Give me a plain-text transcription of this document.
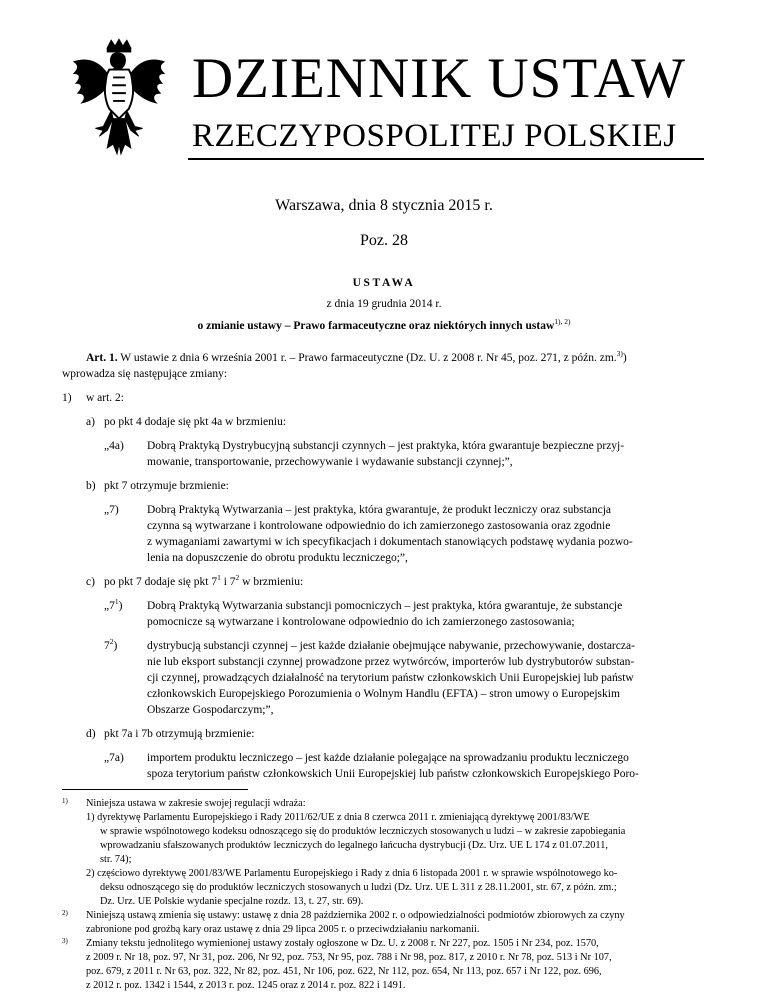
DZIENNIK USTAW
RZECZYPOSPOLITEJ POLSKIEJ
Warszawa, dnia 8 stycznia 2015 r.
Poz. 28
USTAWA
z dnia 19 grudnia 2014 r.
o zmianie ustawy – Prawo farmaceutyczne oraz niektórych innych ustaw$^{1), 2)}$
Art. 1. W ustawie z dnia 6 września 2001 r. – Prawo farmaceutyczne (Dz. U. z 2008 r. Nr 45, poz. 271, z późn. zm.$^{3)}$)
wprowadza się następujące zmiany:
1) w art. 2:
a) po pkt 4 dodaje się pkt 4a w brzmieniu:
„4a) Dobrą Praktyką Dystrybucyjną substancji czynnych – jest praktyka, która gwarantuje bezpieczne przyj-
mowanie, transportowanie, przechowywanie i wydawanie substancji czynnej;”,
b) pkt 7 otrzymuje brzmienie:
„7) Dobrą Praktyką Wytwarzania – jest praktyka, która gwarantuje, że produkt leczniczy oraz substancja
czynna są wytwarzane i kontrolowane odpowiednio do ich zamierzonego zastosowania oraz zgodnie
z wymaganiami zawartymi w ich specyfikacjach i dokumentach stanowiących podstawę wydania pozwo-
lenia na dopuszczenie do obrotu produktu leczniczego;”,
c) po pkt 7 dodaje się pkt $7^1$ i $7^2$ w brzmieniu:
$„7^1$) Dobrą Praktyką Wytwarzania substancji pomocniczych – jest praktyka, która gwarantuje, że substancje
pomocnicze są wytwarzane i kontrolowane odpowiednio do ich zamierzonego zastosowania;
$7^2$)	dystrybucją substancji czynnej – jest każde działanie obejmujące nabywanie, przechowywanie, dostarcza-
nie lub eksport substancji czynnej prowadzone przez wytwórców, importerów lub dystrybutorów substan-
cji czynnej, prowadzących działalność na terytorium państw członkowskich Unii Europejskiej lub państw
członkowskich Europejskiego Porozumienia o Wolnym Handlu (EFTA) – stron umowy o Europejskim
Obszarze Gospodarczym;”,
d) pkt 7a i 7b otrzymują brzmienie:
„7a) importem produktu leczniczego – jest każde działanie polegające na sprowadzaniu produktu leczniczego
spoza terytorium państw członkowskich Unii Europejskiej lub państw członkowskich Europejskiego Poro-
1) Niniejsza ustawa w zakresie swojej regulacji wdraża:
1) dyrektywę Parlamentu Europejskiego i Rady 2011/62/UE z dnia 8 czerwca 2011 r. zmieniającą dyrektywę 2001/83/WE
w sprawie wspólnotowego kodeksu odnoszącego się do produktów leczniczych stosowanych u ludzi – w zakresie zapobiegania
wprowadzaniu sfałszowanych produktów leczniczych do legalnego łańcucha dystrybucji (Dz. Urz. UE L 174 z 01.07.2011,
str. 74);
2) częściowo dyrektywę 2001/83/WE Parlamentu Europejskiego i Rady z dnia 6 listopada 2001 r. w sprawie wspólnotowego ko-
deksu odnoszącego się do produktów leczniczych stosowanych u ludzi (Dz. Urz. UE L 311 z 28.11.2001, str. 67, z późn. zm.;
Dz. Urz. UE Polskie wydanie specjalne rozdz. 13, t. 27, str. 69).
2) Niniejszą ustawą zmienia się ustawy: ustawę z dnia 28 października 2002 r. o odpowiedzialności podmiotów zbiorowych za czyny
zabronione pod groźbą kary oraz ustawę z dnia 29 lipca 2005 r. o przeciwdziałaniu narkomanii.
3) Zmiany tekstu jednolitego wymienionej ustawy zostały ogłoszone w Dz. U. z 2008 r. Nr 227, poz. 1505 i Nr 234, poz. 1570,
z 2009 r. Nr 18, poz. 97, Nr 31, poz. 206, Nr 92, poz. 753, Nr 95, poz. 788 i Nr 98, poz. 817, z 2010 r. Nr 78, poz. 513 i Nr 107,
poz. 679, z 2011 r. Nr 63, poz. 322, Nr 82, poz. 451, Nr 106, poz. 622, Nr 112, poz. 654, Nr 113, poz. 657 i Nr 122, poz. 696,
z 2012 r. poz. 1342 i 1544, z 2013 r. poz. 1245 oraz z 2014 r. poz. 822 i 1491.
